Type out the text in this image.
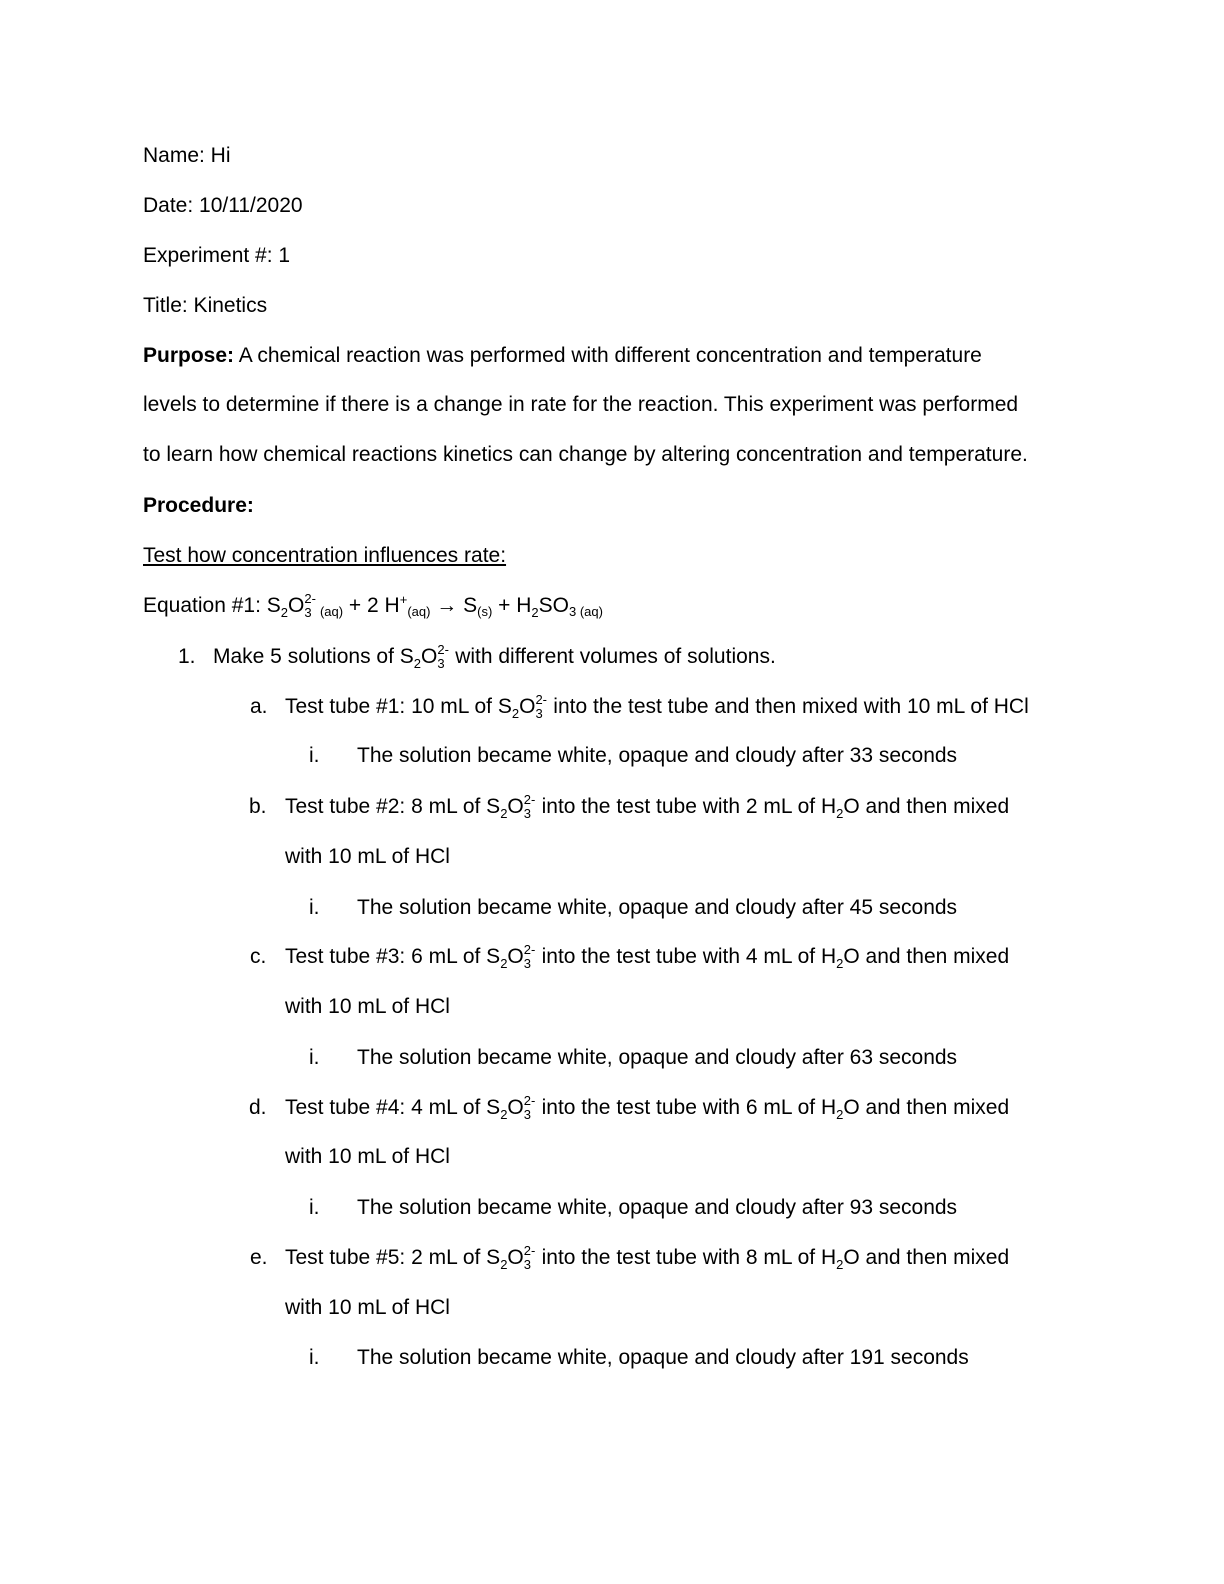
Name: Hi
Date: 10/11/2020
Experiment #: 1
Title: Kinetics
Purpose: A chemical reaction was performed with different concentration and temperature
levels to determine if there is a change in rate for the reaction. This experiment was performed
to learn how chemical reactions kinetics can change by altering concentration and temperature.
Procedure:
Test how concentration influences rate:
Equation #1: $S_2O$ 2-
3 (aq) + 2 $H^+(aq) \to S(s) + H_2SO3$ (aq)
1. Make 5 solutions of $S_2O$ 2-
3 with different volumes of solutions.
a. Test tube #1: 10 mL of $S_2O$ 2-
3 into the test tube and then mixed with 10 mL of HCl
i. The solution became white, opaque and cloudy after 33 seconds
b. Test tube #2: 8 mL of $S_2O$ 2-
3 into the test tube with 2 mL of $H_2O$ and then mixed
with 10 mL of HCl
i. The solution became white, opaque and cloudy after 45 seconds
c. Test tube #3: 6 mL of $S_2O$ 2-
3 into the test tube with 4 mL of $H_2O$ and then mixed
with 10 mL of HCl
i. The solution became white, opaque and cloudy after 63 seconds
d. Test tube #4: 4 mL of $S_2O$ 2-
3 into the test tube with 6 mL of $H_2O$ and then mixed
with 10 mL of HCl
i. The solution became white, opaque and cloudy after 93 seconds
e. Test tube #5: 2 mL of $S_2O$ 2-
3 into the test tube with 8 mL of $H_2O$ and then mixed
with 10 mL of HCl
i. The solution became white, opaque and cloudy after 191 seconds
